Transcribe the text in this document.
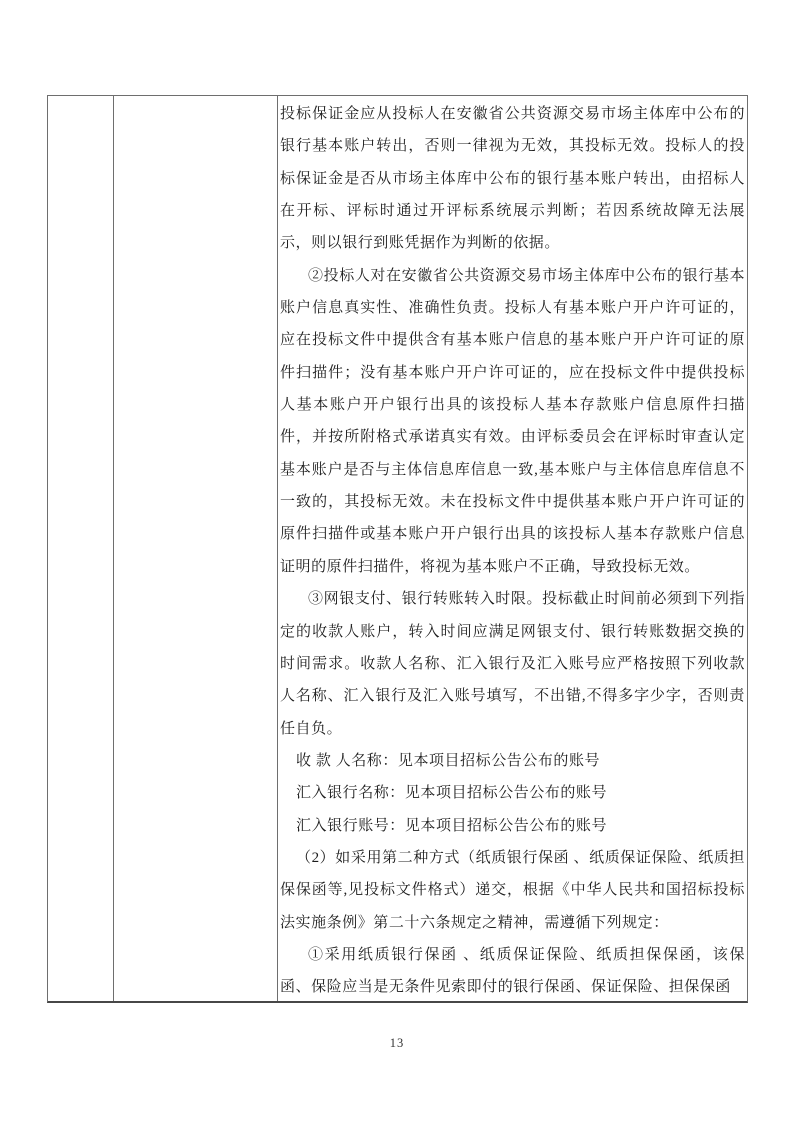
投标保证金应从投标人在安徽省公共资源交易市场主体库中公布的银行基本账户转出，否则一律视为无效，其投标无效。投标人的投标保证金是否从市场主体库中公布的银行基本账户转出，由招标人在开标、评标时通过开评标系统展示判断；若因系统故障无法展示，则以银行到账凭据作为判断的依据。

②投标人对在安徽省公共资源交易市场主体库中公布的银行基本账户信息真实性、准确性负责。投标人有基本账户开户许可证的，应在投标文件中提供含有基本账户信息的基本账户开户许可证的原件扫描件；没有基本账户开户许可证的，应在投标文件中提供投标人基本账户开户银行出具的该投标人基本存款账户信息原件扫描件，并按所附格式承诺真实有效。由评标委员会在评标时审查认定基本账户是否与主体信息库信息一致,基本账户与主体信息库信息不一致的，其投标无效。未在投标文件中提供基本账户开户许可证的原件扫描件或基本账户开户银行出具的该投标人基本存款账户信息证明的原件扫描件，将视为基本账户不正确，导致投标无效。

③网银支付、银行转账转入时限。投标截止时间前必须到下列指定的收款人账户，转入时间应满足网银支付、银行转账数据交换的时间需求。收款人名称、汇入银行及汇入账号应严格按照下列收款人名称、汇入银行及汇入账号填写，不出错,不得多字少字，否则责任自负。

收 款 人名称：见本项目招标公告公布的账号

汇入银行名称：见本项目招标公告公布的账号

汇入银行账号：见本项目招标公告公布的账号

（2）如采用第二种方式（纸质银行保函 、纸质保证保险、纸质担保保函等,见投标文件格式）递交，根据《中华人民共和国招标投标法实施条例》第二十六条规定之精神，需遵循下列规定：

①采用纸质银行保函 、纸质保证保险、纸质担保保函，该保函、保险应当是无条件见索即付的银行保函、保证保险、担保保函

13
